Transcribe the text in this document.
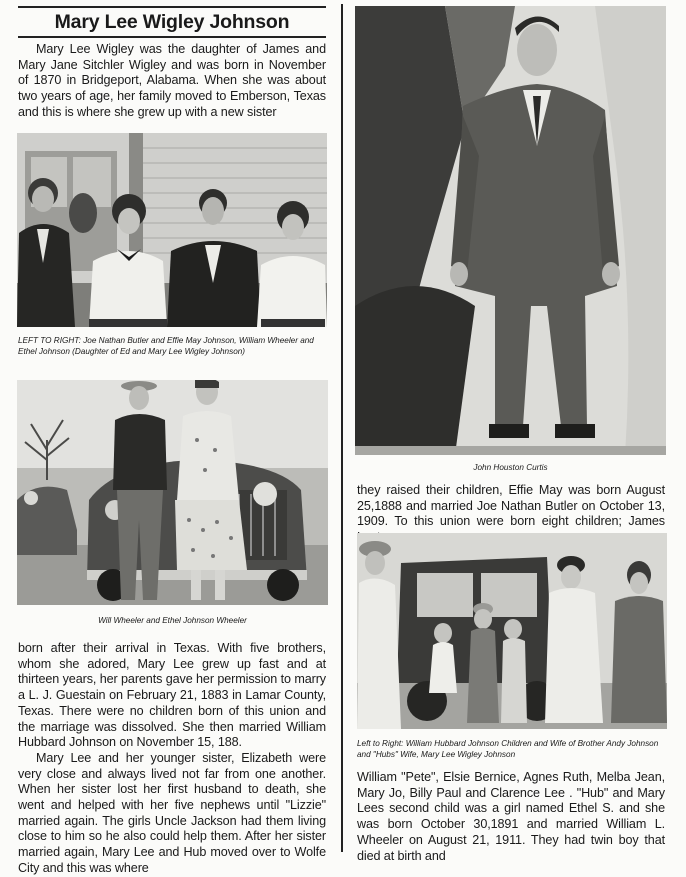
Mary Lee Wigley Johnson

Mary Lee Wigley was the daughter of James and Mary Jane Sitchler Wigley and was born in November of 1870 in Bridgeport, Alabama. When she was about two years of age, her family moved to Emberson, Texas and this is where she grew up with a new sister

LEFT TO RIGHT: Joe Nathan Butler and Effie May Johnson, William Wheeler and Ethel Johnson (Daughter of Ed and Mary Lee Wigley Johnson)
Will Wheeler and Ethel Johnson Wheeler

born after their arrival in Texas. With five brothers, whom she adored, Mary Lee grew up fast and at thirteen years, her parents gave her permission to marry a L. J. Guestain on February 21, 1883 in Lamar County, Texas. There were no children born of this union and the marriage was dissolved. She then married William Hubbard Johnson on November 15, 188.

Mary Lee and her younger sister, Elizabeth were very close and always lived not far from one another. When her sister lost her first husband to death, she went and helped with her five nephews until "Lizzie" married again. The girls Uncle Jackson had them living close to him so he also could help them. After her sister married again, Mary Lee and Hub moved over to Wolfe City and this was where

John Houston Curtis

they raised their children, Effie May was born August 25,1888 and married Joe Nathan Butler on October 13, 1909. To this union were born eight children; James

Left to Right: William Hubbard Johnson Children and Wife of Brother Andy Johnson and "Hubs" Wife, Mary Lee Wigley Johnson

William "Pete", Elsie Bernice, Agnes Ruth, Melba Jean, Mary Jo, Billy Paul and Clarence Lee . "Hub" and Mary Lees second child was a girl named Ethel S. and she was born October 30,1891 and married William L. Wheeler on August 21, 1911. They had twin boy that died at birth and
